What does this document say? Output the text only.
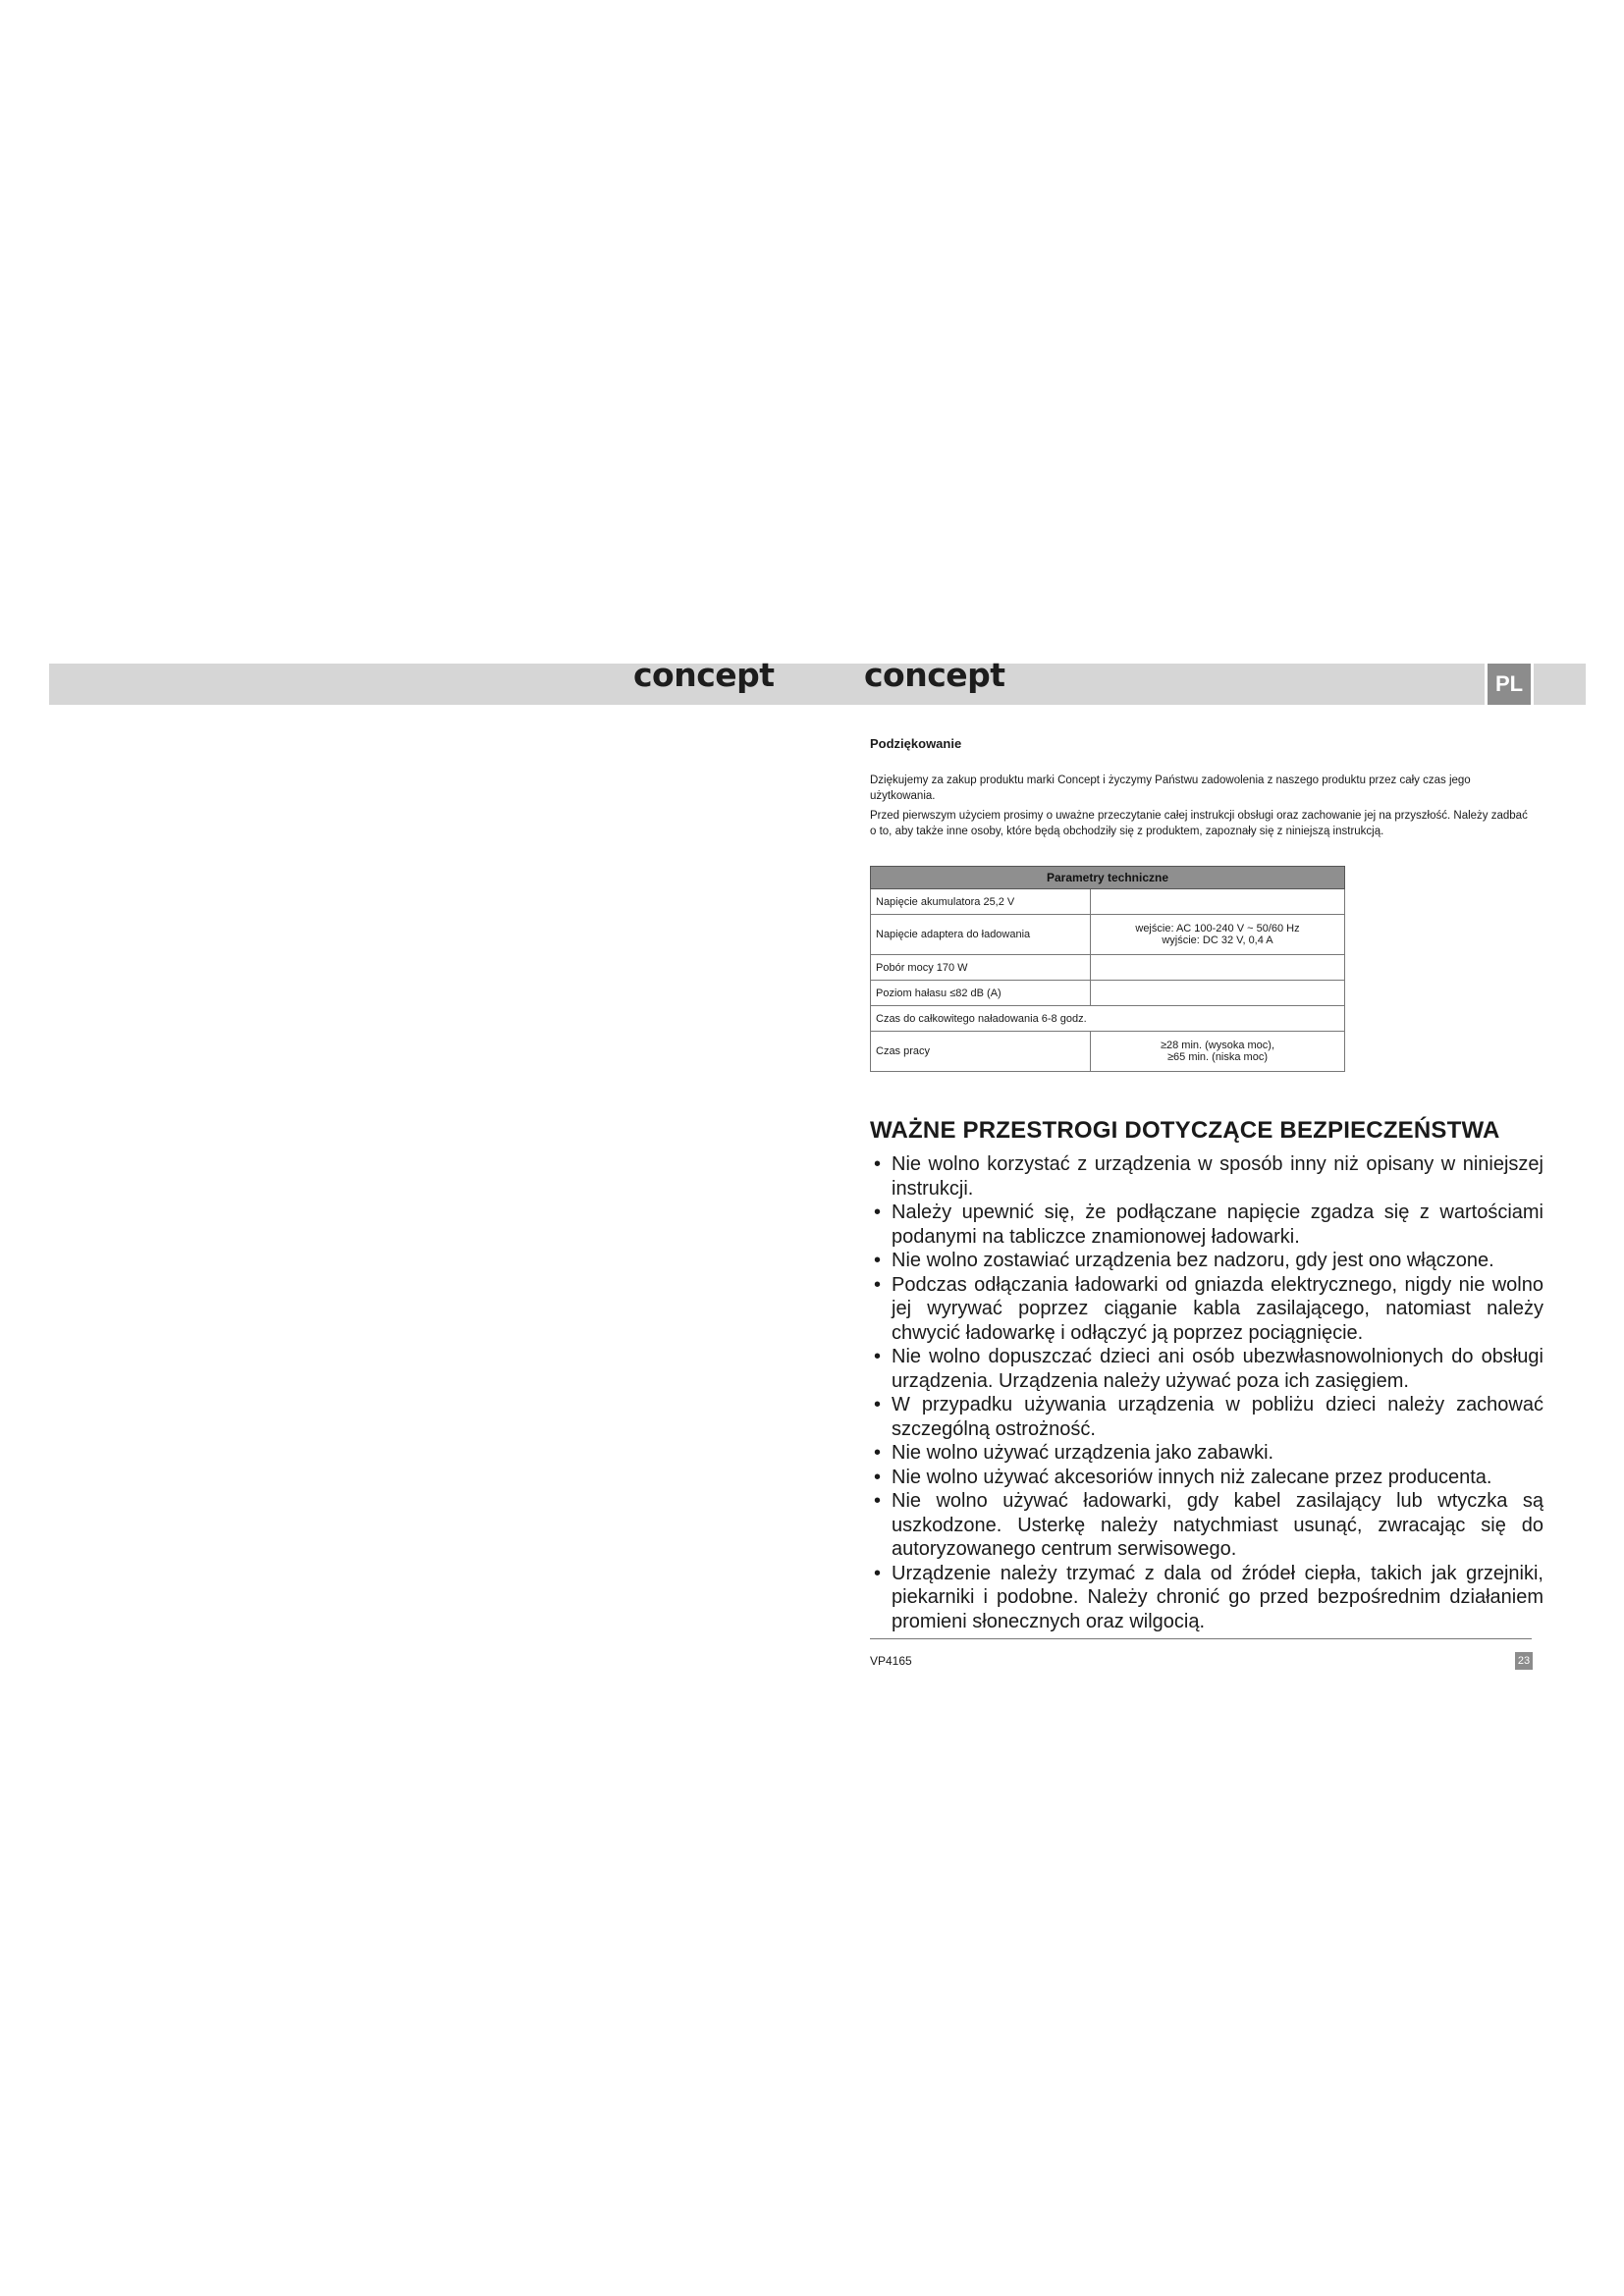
concept	concept	PL
Podziękowanie

Dziękujemy za zakup produktu marki Concept i życzymy Państwu zadowolenia z naszego produktu przez cały czas jego użytkowania.

Przed pierwszym użyciem prosimy o uważne przeczytanie całej instrukcji obsługi oraz zachowanie jej na przyszłość. Należy zadbać o to, aby także inne osoby, które będą obchodziły się z produktem, zapoznały się z niniejszą instrukcją.

Parametry techniczne	
Napięcie akumulatora 25,2 V	
Napięcie adaptera do ładowania	wejście: AC 100-240 V ~ 50/60 Hz
wyjście: DC 32 V, 0,4 A
Pobór mocy 170 W	
Poziom hałasu ≤82 dB (A)	
Czas do całkowitego naładowania 6-8 godz.	
Czas pracy	≥28 min. (wysoka moc),
≥65 min. (niska moc)
WAŻNE PRZESTROGI DOTYCZĄCE BEZPIECZEŃSTWA
• Nie wolno korzystać z urządzenia w sposób inny niż opisany w niniejszej instrukcji.
• Należy upewnić się, że podłączane napięcie zgadza się z wartościami podanymi na tabliczce znamionowej ładowarki.
• Nie wolno zostawiać urządzenia bez nadzoru, gdy jest ono włączone.
• Podczas odłączania ładowarki od gniazda elektrycznego, nigdy nie wolno jej wyrywać poprzez ciąganie kabla zasilającego, natomiast należy chwycić ładowarkę i odłączyć ją poprzez pociągnięcie.
• Nie wolno dopuszczać dzieci ani osób ubezwłasnowolnionych do obsługi urządzenia. Urządzenia należy używać poza ich zasięgiem.
• W przypadku używania urządzenia w pobliżu dzieci należy zachować szczególną ostrożność.
• Nie wolno używać urządzenia jako zabawki.
• Nie wolno używać akcesoriów innych niż zalecane przez producenta.
• Nie wolno używać ładowarki, gdy kabel zasilający lub wtyczka są uszkodzone. Usterkę należy natychmiast usunąć, zwracając się do autoryzowanego centrum serwisowego.
• Urządzenie należy trzymać z dala od źródeł ciepła, takich jak grzejniki, piekarniki i podobne. Należy chronić go przed bezpośrednim działaniem promieni słonecznych oraz wilgocią.
VP4165	23
